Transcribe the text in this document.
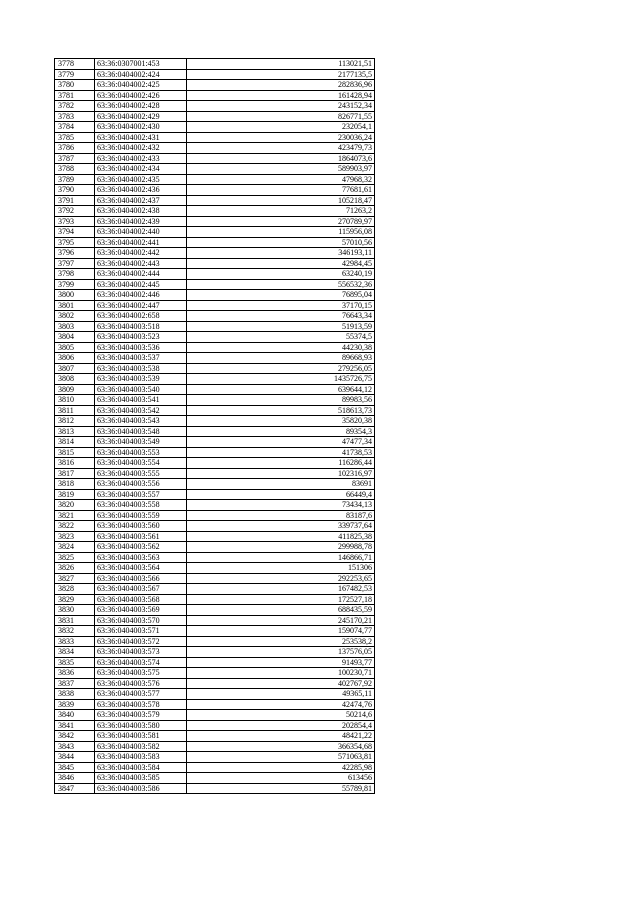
3778	63:36:0307001:453	113021,51
3779	63:36:0404002:424	2177135,5
3780	63:36:0404002:425	282836,96
3781	63:36:0404002:426	161428,94
3782	63:36:0404002:428	243152,34
3783	63:36:0404002:429	826771,55
3784	63:36:0404002:430	232054,1
3785	63:36:0404002:431	230036,24
3786	63:36:0404002:432	423479,73
3787	63:36:0404002:433	1864073,6
3788	63:36:0404002:434	589903,97
3789	63:36:0404002:435	47968,32
3790	63:36:0404002:436	77681,61
3791	63:36:0404002:437	105218,47
3792	63:36:0404002:438	71263,2
3793	63:36:0404002:439	270789,97
3794	63:36:0404002:440	115956,08
3795	63:36:0404002:441	57010,56
3796	63:36:0404002:442	346193,11
3797	63:36:0404002:443	42984,45
3798	63:36:0404002:444	63240,19
3799	63:36:0404002:445	556532,36
3800	63:36:0404002:446	76895,04
3801	63:36:0404002:447	37170,15
3802	63:36:0404002:658	76643,34
3803	63:36:0404003:518	51913,59
3804	63:36:0404003:523	55374,5
3805	63:36:0404003:536	44230,38
3806	63:36:0404003:537	89668,93
3807	63:36:0404003:538	279256,05
3808	63:36:0404003:539	1435726,75
3809	63:36:0404003:540	639644,12
3810	63:36:0404003:541	89983,56
3811	63:36:0404003:542	518613,73
3812	63:36:0404003:543	35820,38
3813	63:36:0404003:548	89354,3
3814	63:36:0404003:549	47477,34
3815	63:36:0404003:553	41738,53
3816	63:36:0404003:554	116286,44
3817	63:36:0404003:555	102316,97
3818	63:36:0404003:556	83691
3819	63:36:0404003:557	66449,4
3820	63:36:0404003:558	73434,13
3821	63:36:0404003:559	83187,6
3822	63:36:0404003:560	339737,64
3823	63:36:0404003:561	411825,38
3824	63:36:0404003:562	299988,78
3825	63:36:0404003:563	146866,71
3826	63:36:0404003:564	151306
3827	63:36:0404003:566	292253,65
3828	63:36:0404003:567	167482,53
3829	63:36:0404003:568	172527,18
3830	63:36:0404003:569	688435,59
3831	63:36:0404003:570	245170,21
3832	63:36:0404003:571	159074,77
3833	63:36:0404003:572	253538,2
3834	63:36:0404003:573	137576,05
3835	63:36:0404003:574	91493,77
3836	63:36:0404003:575	100230,71
3837	63:36:0404003:576	402767,92
3838	63:36:0404003:577	49365,11
3839	63:36:0404003:578	42474,76
3840	63:36:0404003:579	50214,6
3841	63:36:0404003:580	202854,4
3842	63:36:0404003:581	48421,22
3843	63:36:0404003:582	366354,68
3844	63:36:0404003:583	571063,81
3845	63:36:0404003:584	42285,98
3846	63:36:0404003:585	613456
3847	63:36:0404003:586	55789,81
